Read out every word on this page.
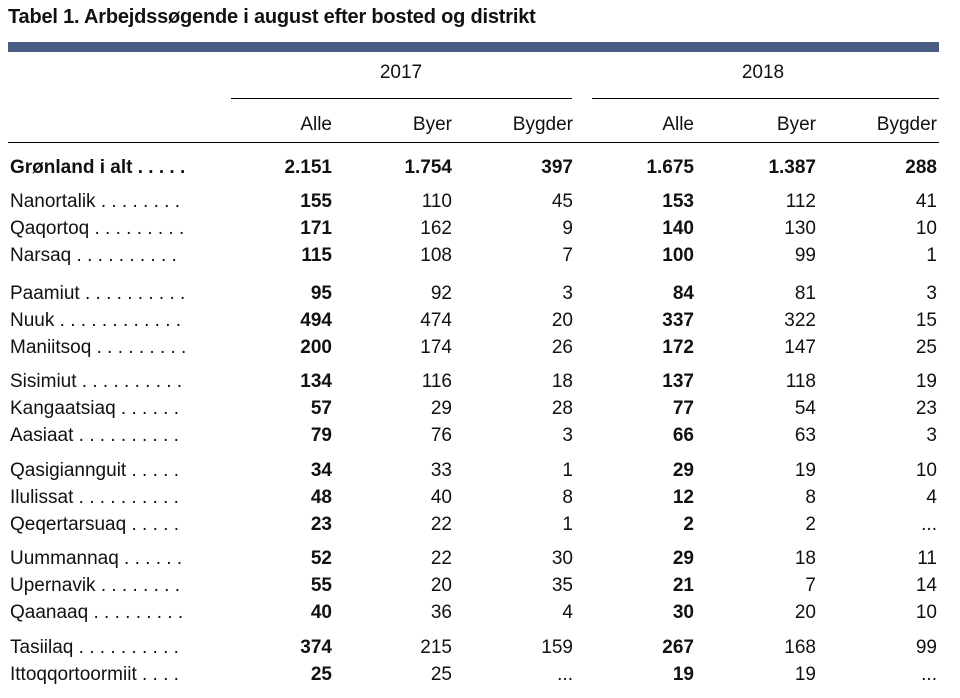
Tabel 1. Arbejdssøgende i august efter bosted og distrikt
2017	2018
Alle	Byer	Bygder	Alle	Byer	Bygder
Grønland i alt . . . . .	2.151	1.754	397	1.675	1.387	288
Nanortalik . . . . . . . .	155	110	45	153	112	41
Qaqortoq . . . . . . . . .	171	162	9	140	130	10
Narsaq . . . . . . . . . .	115	108	7	100	99	1
Paamiut . . . . . . . . . .	95	92	3	84	81	3
Nuuk . . . . . . . . . . . .	494	474	20	337	322	15
Maniitsoq . . . . . . . . .	200	174	26	172	147	25
Sisimiut . . . . . . . . . .	134	116	18	137	118	19
Kangaatsiaq . . . . . .	57	29	28	77	54	23
Aasiaat . . . . . . . . . .	79	76	3	66	63	3
Qasigiannguit . . . . .	34	33	1	29	19	10
Ilulissat . . . . . . . . . .	48	40	8	12	8	4
Qeqertarsuaq . . . . .	23	22	1	2	2	...
Uummannaq . . . . . .	52	22	30	29	18	11
Upernavik . . . . . . . .	55	20	35	21	7	14
Qaanaaq . . . . . . . . .	40	36	4	30	20	10
Tasiilaq . . . . . . . . . .	374	215	159	267	168	99
Ittoqqortoormiit . . . .	25	25	...	19	19	...
